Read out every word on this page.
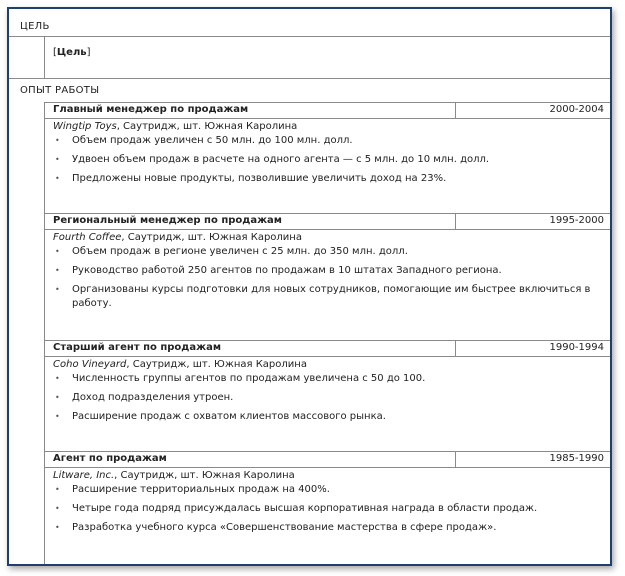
ЦЕЛЬ
[Цель]
ОПЫТ РАБОТЫ
Главный менеджер по продажам	2000-2004
Wingtip Toys, Саутридж, шт. Южная Каролина
• Объем продаж увеличен с 50 млн. до 100 млн. долл.
• Удвоен объем продаж в расчете на одного агента — с 5 млн. до 10 млн. долл.
• Предложены новые продукты, позволившие увеличить доход на 23%.
Региональный менеджер по продажам	1995-2000
Fourth Coffee, Саутридж, шт. Южная Каролина
• Объем продаж в регионе увеличен с 25 млн. до 350 млн. долл.
• Руководство работой 250 агентов по продажам в 10 штатах Западного региона.
• Организованы курсы подготовки для новых сотрудников, помогающие им быстрее включиться в работу.
Старший агент по продажам	1990-1994
Coho Vineyard, Саутридж, шт. Южная Каролина
• Численность группы агентов по продажам увеличена с 50 до 100.
• Доход подразделения утроен.
• Расширение продаж с охватом клиентов массового рынка.
Агент по продажам	1985-1990
Litware, Inc., Саутридж, шт. Южная Каролина
• Расширение территориальных продаж на 400%.
• Четыре года подряд присуждалась высшая корпоративная награда в области продаж.
• Разработка учебного курса «Совершенствование мастерства в сфере продаж».
